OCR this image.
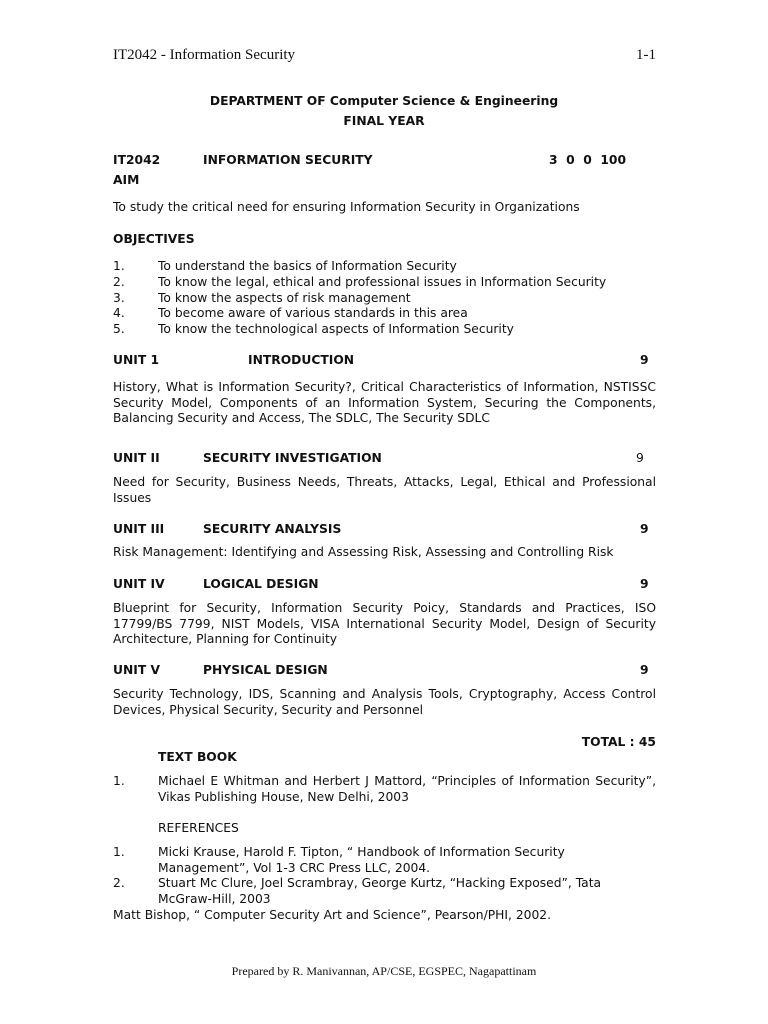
IT2042 - Information Security	1-1
DEPARTMENT OF Computer Science & Engineering
FINAL YEAR
IT2042	INFORMATION SECURITY	3  0  0  100
AIM
To study the critical need for ensuring Information Security in Organizations
OBJECTIVES
1.	To understand the basics of Information Security
2.	To know the legal, ethical and professional issues in Information Security
3.	To know the aspects of risk management
4.	To become aware of various standards in this area
5.	To know the technological aspects of Information Security
UNIT 1	INTRODUCTION	9
History, What is Information Security?, Critical Characteristics of Information, NSTISSC Security Model, Components of an Information System, Securing the Components, Balancing Security and Access, The SDLC, The Security SDLC
UNIT II	SECURITY INVESTIGATION	9
Need for Security, Business Needs, Threats, Attacks, Legal, Ethical and Professional Issues
UNIT III	SECURITY ANALYSIS	9
Risk Management: Identifying and Assessing Risk, Assessing and Controlling Risk
UNIT IV	LOGICAL DESIGN	9
Blueprint for Security, Information Security Poicy, Standards and Practices, ISO 17799/BS 7799, NIST Models, VISA International Security Model, Design of Security Architecture, Planning for Continuity
UNIT V	PHYSICAL DESIGN	9
Security Technology, IDS, Scanning and Analysis Tools, Cryptography, Access Control Devices, Physical Security, Security and Personnel
TOTAL : 45
TEXT BOOK
1.	Michael E Whitman and Herbert J Mattord, “Principles of Information Security”, Vikas Publishing House, New Delhi, 2003
REFERENCES
1.	Micki Krause, Harold F. Tipton, “ Handbook of Information Security Management”, Vol 1-3 CRC Press LLC, 2004.
2.	Stuart Mc Clure, Joel Scrambray, George Kurtz, “Hacking Exposed”, Tata McGraw-Hill, 2003
Matt Bishop, “ Computer Security Art and Science”, Pearson/PHI, 2002.
Prepared by R. Manivannan, AP/CSE, EGSPEC, Nagapattinam
